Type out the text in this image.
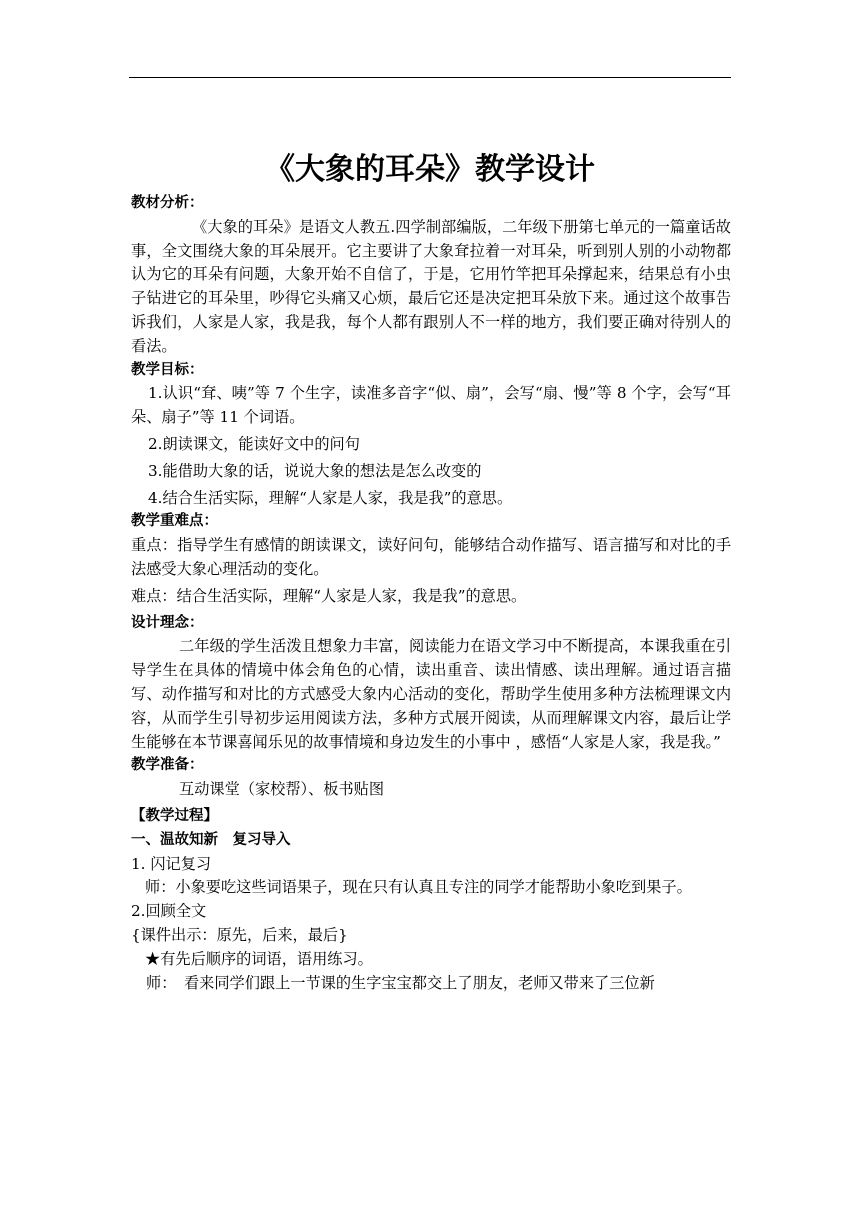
《大象的耳朵》教学设计
教材分析：

《大象的耳朵》是语文人教五.四学制部编版，二年级下册第七单元的一篇童话故事，全文围绕大象的耳朵展开。它主要讲了大象耷拉着一对耳朵，听到别人别的小动物都认为它的耳朵有问题，大象开始不自信了，于是，它用竹竿把耳朵撑起来，结果总有小虫子钻进它的耳朵里，吵得它头痛又心烦，最后它还是决定把耳朵放下来。通过这个故事告诉我们，人家是人家，我是我，每个人都有跟别人不一样的地方，我们要正确对待别人的看法。

教学目标：

1.认识“耷、咦”等 7 个生字，读准多音字“似、扇”，会写“扇、慢”等 8 个字，会写“耳朵、扇子”等 11 个词语。

2.朗读课文，能读好文中的问句

3.能借助大象的话，说说大象的想法是怎么改变的

4.结合生活实际，理解“人家是人家，我是我”的意思。

教学重难点：

重点：指导学生有感情的朗读课文，读好问句，能够结合动作描写、语言描写和对比的手法感受大象心理活动的变化。

难点：结合生活实际，理解“人家是人家，我是我”的意思。

设计理念：

二年级的学生活泼且想象力丰富，阅读能力在语文学习中不断提高，本课我重在引导学生在具体的情境中体会角色的心情，读出重音、读出情感、读出理解。通过语言描写、动作描写和对比的方式感受大象内心活动的变化，帮助学生使用多种方法梳理课文内容，从而学生引导初步运用阅读方法，多种方式展开阅读，从而理解课文内容，最后让学生能够在本节课喜闻乐见的故事情境和身边发生的小事中 ，感悟“人家是人家，我是我。”

教学准备：

互动课堂（家校帮）、板书贴图

【教学过程】
一、温故知新　复习导入

1. 闪记复习

师：小象要吃这些词语果子，现在只有认真且专注的同学才能帮助小象吃到果子。

2.回顾全文

{课件出示：原先，后来，最后}

★有先后顺序的词语，语用练习。

师：　看来同学们跟上一节课的生字宝宝都交上了朋友，老师又带来了三位新
